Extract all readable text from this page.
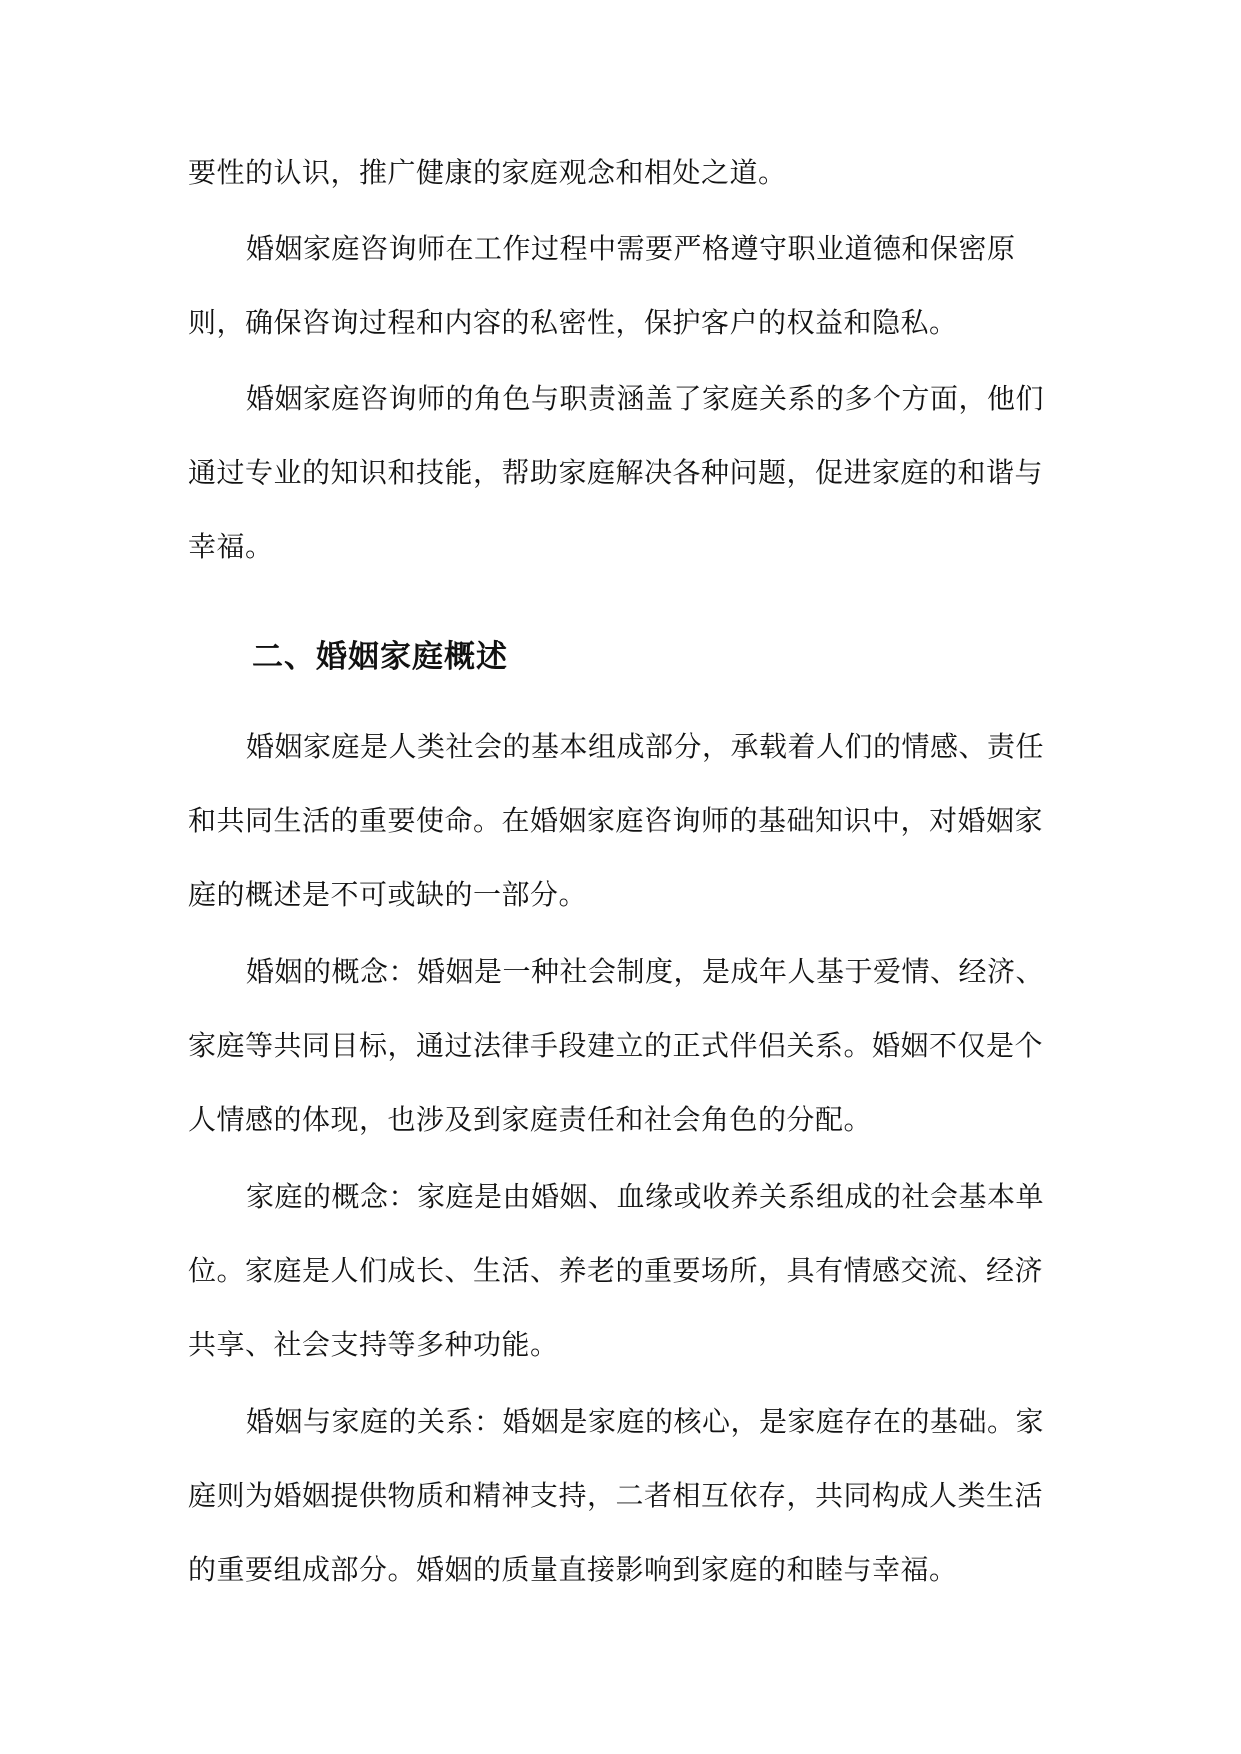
要性的认识，推广健康的家庭观念和相处之道。

婚姻家庭咨询师在工作过程中需要严格遵守职业道德和保密原则，确保咨询过程和内容的私密性，保护客户的权益和隐私。

婚姻家庭咨询师的角色与职责涵盖了家庭关系的多个方面，他们通过专业的知识和技能，帮助家庭解决各种问题，促进家庭的和谐与幸福。

二、婚姻家庭概述

婚姻家庭是人类社会的基本组成部分，承载着人们的情感、责任和共同生活的重要使命。在婚姻家庭咨询师的基础知识中，对婚姻家庭的概述是不可或缺的一部分。

婚姻的概念：婚姻是一种社会制度，是成年人基于爱情、经济、家庭等共同目标，通过法律手段建立的正式伴侣关系。婚姻不仅是个人情感的体现，也涉及到家庭责任和社会角色的分配。

家庭的概念：家庭是由婚姻、血缘或收养关系组成的社会基本单位。家庭是人们成长、生活、养老的重要场所，具有情感交流、经济共享、社会支持等多种功能。

婚姻与家庭的关系：婚姻是家庭的核心，是家庭存在的基础。家庭则为婚姻提供物质和精神支持，二者相互依存，共同构成人类生活的重要组成部分。婚姻的质量直接影响到家庭的和睦与幸福。
